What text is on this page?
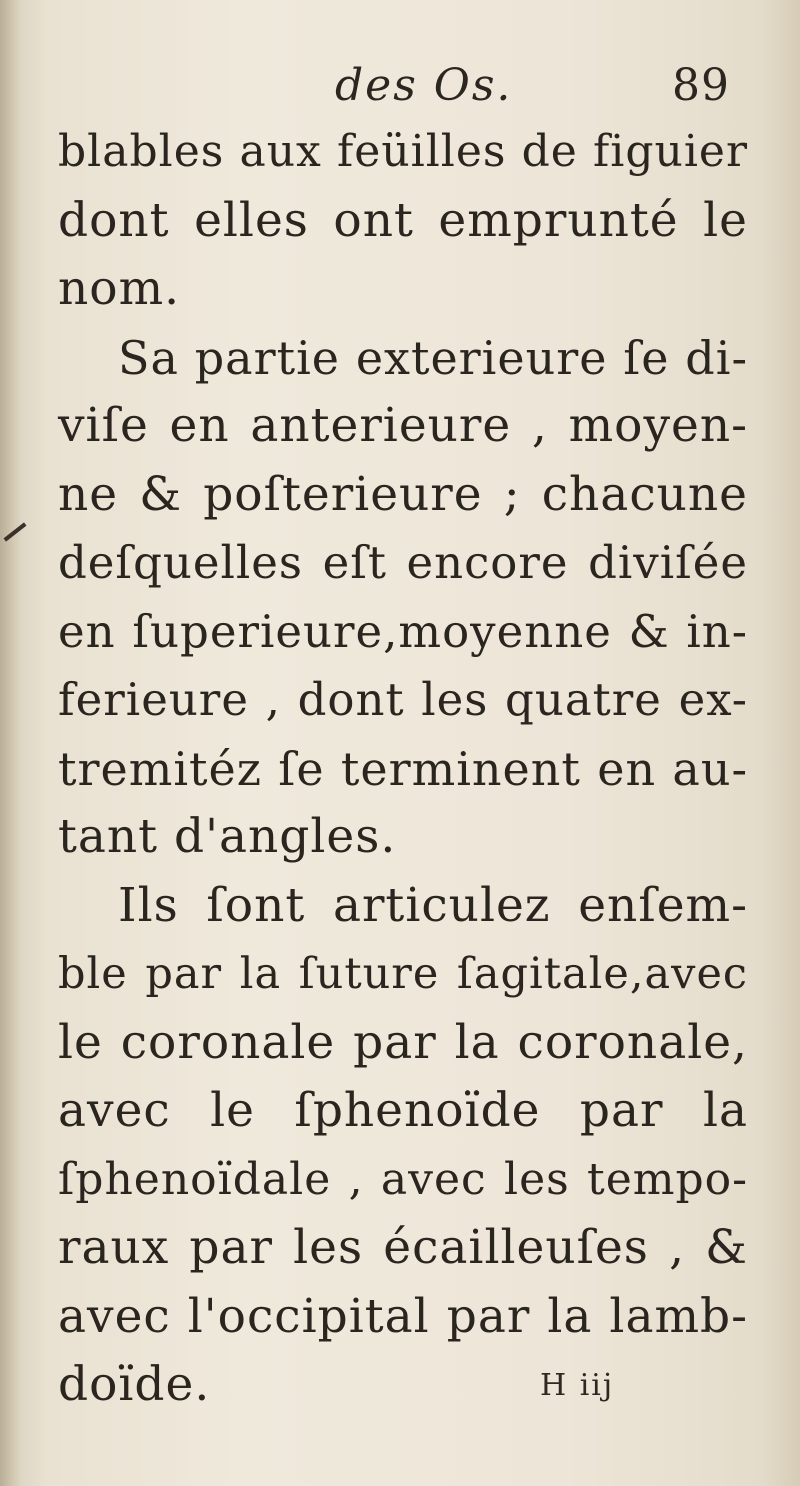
des Os.	89
blables aux feüilles de figuier
dont elles ont emprunté le
nom.
Sa partie exterieure ſe di-
viſe en anterieure , moyen-
ne & poſterieure ; chacune
deſquelles eſt encore diviſée
en ſuperieure,moyenne & in-
ferieure , dont les quatre ex-
tremitéz ſe terminent en au-
tant d'angles.
Ils ſont articulez enſem-
ble par la ſuture ſagitale,avec
le coronale par la coronale,
avec le ſphenoïde par la
ſphenoïdale , avec les tempo-
raux par les écailleuſes , &
avec l'occipital par la lamb-
doïde.	H iij
